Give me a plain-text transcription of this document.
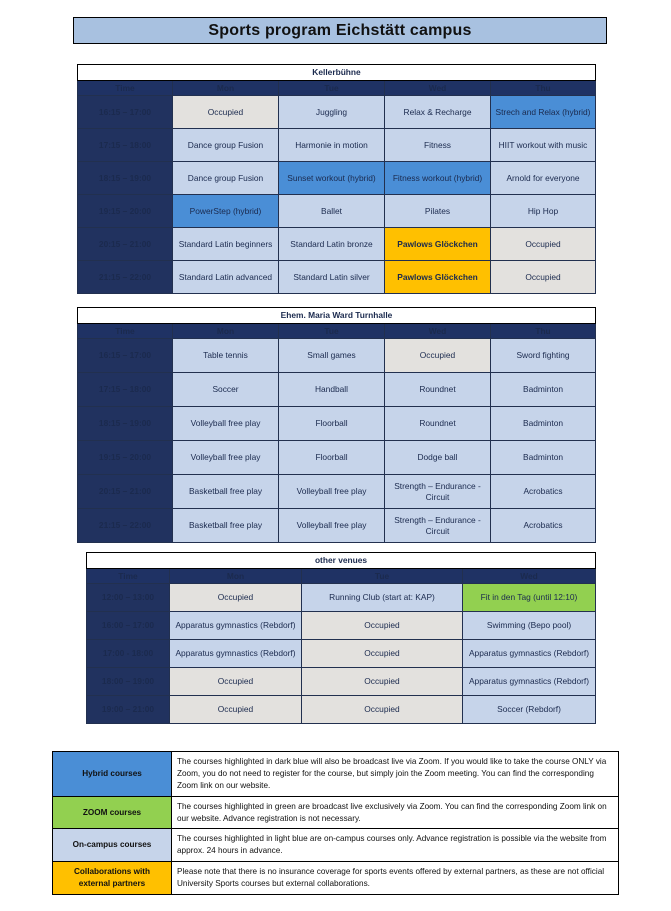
Sports program Eichstätt campus
Kellerbühne				
Time	Mon	Tue	Wed	Thu
16:15 – 17:00	Occupied	Juggling	Relax & Recharge	Strech and Relax (hybrid)
17:15 – 18:00	Dance group Fusion	Harmonie in motion	Fitness	HIIT workout with music
18:15 – 19:00	Dance group Fusion	Sunset workout (hybrid)	Fitness workout (hybrid)	Arnold for everyone
19:15 – 20:00	PowerStep (hybrid)	Ballet	Pilates	Hip Hop
20:15 – 21:00	Standard Latin beginners	Standard Latin bronze	Pawlows Glöckchen	Occupied
21:15 – 22:00	Standard Latin advanced	Standard Latin silver	Pawlows Glöckchen	Occupied
Ehem. Maria Ward Turnhalle				
Time	Mon	Tue	Wed	Thu
16:15 – 17:00	Table tennis	Small games	Occupied	Sword fighting
17:15 – 18:00	Soccer	Handball	Roundnet	Badminton
18:15 – 19:00	Volleyball free play	Floorball	Roundnet	Badminton
19:15 – 20:00	Volleyball free play	Floorball	Dodge ball	Badminton
20:15 – 21:00	Basketball free play	Volleyball free play	Strength – Endurance - Circuit	Acrobatics
21:15 – 22:00	Basketball free play	Volleyball free play	Strength – Endurance - Circuit	Acrobatics
other venues			
Time	Mon	Tue	Wed
12:00 – 13:00	Occupied	Running Club (start at: KAP)	Fit in den Tag (until 12:10)
16:00 – 17:00	Apparatus gymnastics (Rebdorf)	Occupied	Swimming (Bepo pool)
17:00 - 18:00	Apparatus gymnastics (Rebdorf)	Occupied	Apparatus gymnastics (Rebdorf)
18:00 – 19:00	Occupied	Occupied	Apparatus gymnastics (Rebdorf)
19:00 – 21:00	Occupied	Occupied	Soccer (Rebdorf)
Hybrid courses	The courses highlighted in dark blue will also be broadcast live via Zoom. If you would like to take the course ONLY via Zoom, you do not need to register for the course, but simply join the Zoom meeting. You can find the corresponding Zoom link on our website.
ZOOM courses	The courses highlighted in green are broadcast live exclusively via Zoom. You can find the corresponding Zoom link on our website. Advance registration is not necessary.
On-campus courses	The courses highlighted in light blue are on-campus courses only. Advance registration is possible via the website from approx. 24 hours in advance.
Collaborations with external partners	Please note that there is no insurance coverage for sports events offered by external partners, as these are not official University Sports courses but external collaborations.
